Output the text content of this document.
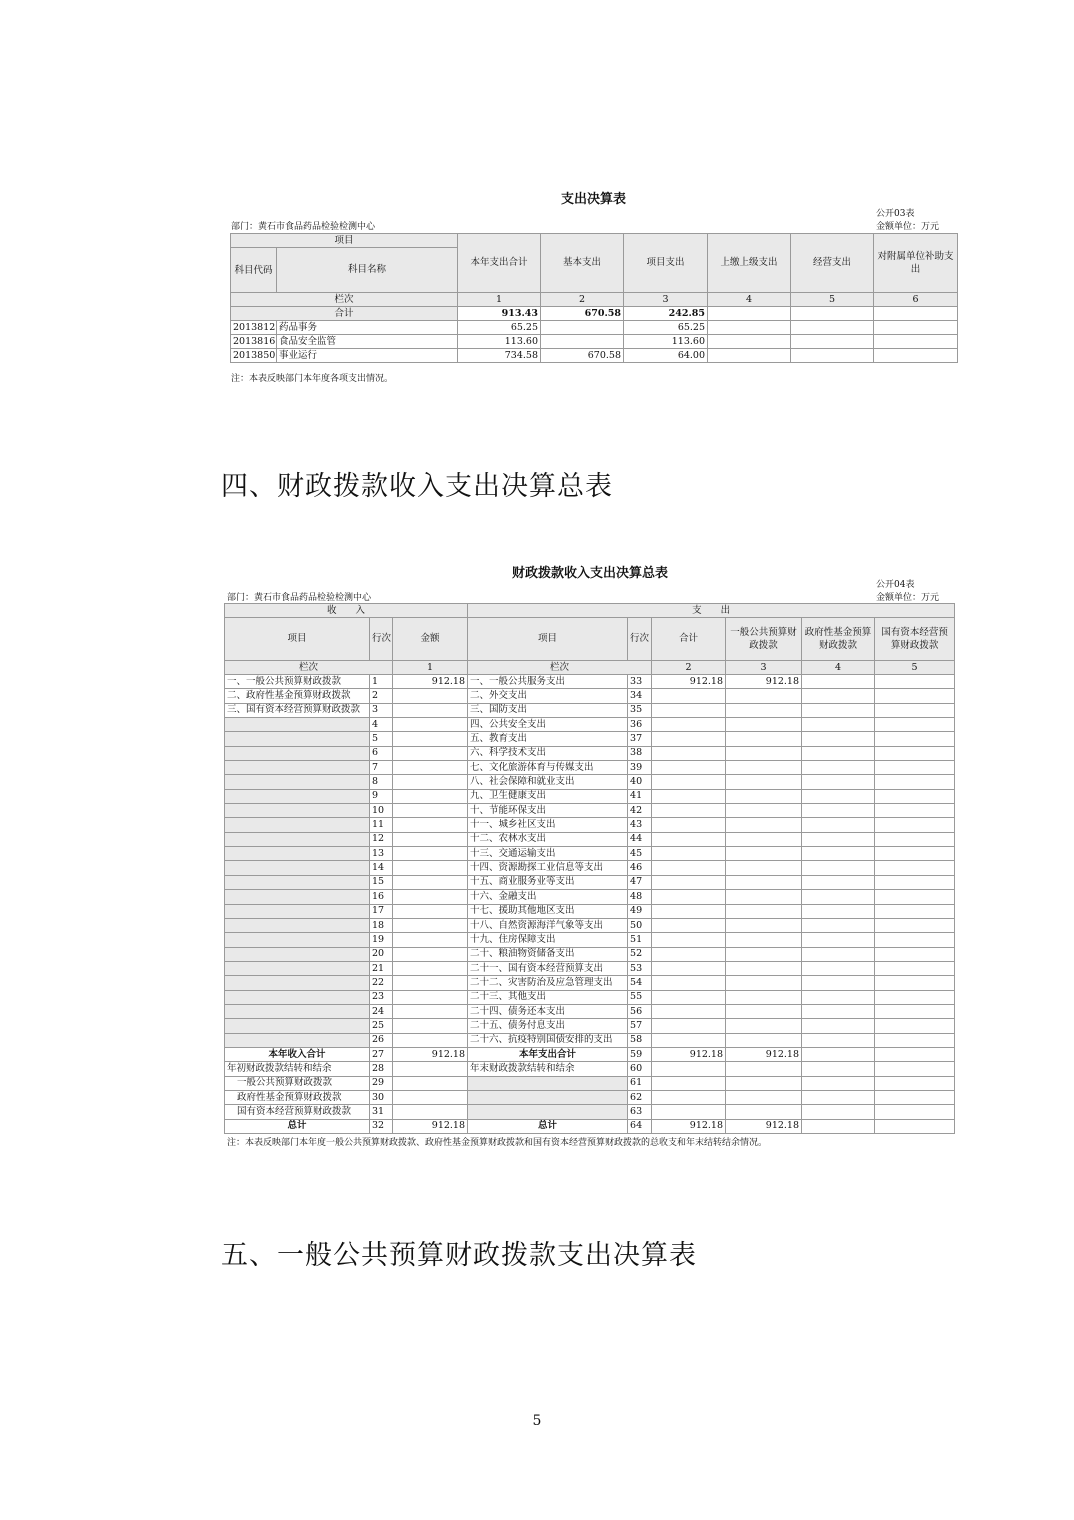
支出决算表
公开03表
金额单位：万元
部门：黄石市食品药品检验检测中心
项目		本年支出合计	基本支出	项目支出	上缴上级支出	经营支出	对附属单位补助支出
科目代码	科目名称						
栏次		1	2	3	4	5	6
合计		913.43	670.58	242.85			
2013812	药品事务	65.25		65.25			
2013816	食品安全监管	113.60		113.60			
2013850	事业运行	734.58	670.58	64.00			
注：本表反映部门本年度各项支出情况。
四、财政拨款收入支出决算总表
财政拨款收入支出决算总表
公开04表
金额单位：万元
部门：黄石市食品药品检验检测中心
收　　入			支　　出					
项目	行次	金额	项目	行次	合计	一般公共预算财政拨款	政府性基金预算财政拨款	国有资本经营预算财政拨款
栏次		1	栏次		2	3	4	5
一、一般公共预算财政拨款	1	912.18	一、一般公共服务支出	33	912.18	912.18		
二、政府性基金预算财政拨款	2		二、外交支出	34				
三、国有资本经营预算财政拨款	3		三、国防支出	35				
	4		四、公共安全支出	36				
	5		五、教育支出	37				
	6		六、科学技术支出	38				
	7		七、文化旅游体育与传媒支出	39				
	8		八、社会保障和就业支出	40				
	9		九、卫生健康支出	41				
	10		十、节能环保支出	42				
	11		十一、城乡社区支出	43				
	12		十二、农林水支出	44				
	13		十三、交通运输支出	45				
	14		十四、资源勘探工业信息等支出	46				
	15		十五、商业服务业等支出	47				
	16		十六、金融支出	48				
	17		十七、援助其他地区支出	49				
	18		十八、自然资源海洋气象等支出	50				
	19		十九、住房保障支出	51				
	20		二十、粮油物资储备支出	52				
	21		二十一、国有资本经营预算支出	53				
	22		二十二、灾害防治及应急管理支出	54				
	23		二十三、其他支出	55				
	24		二十四、债务还本支出	56				
	25		二十五、债务付息支出	57				
	26		二十六、抗疫特别国债安排的支出	58				
本年收入合计	27	912.18	本年支出合计	59	912.18	912.18		
年初财政拨款结转和结余	28		年末财政拨款结转和结余	60				
一般公共预算财政拨款	29			61				
政府性基金预算财政拨款	30			62				
国有资本经营预算财政拨款	31			63				
总计	32	912.18	总计	64	912.18	912.18		
注：本表反映部门本年度一般公共预算财政拨款、政府性基金预算财政拨款和国有资本经营预算财政拨款的总收支和年末结转结余情况。
五、一般公共预算财政拨款支出决算表
5
